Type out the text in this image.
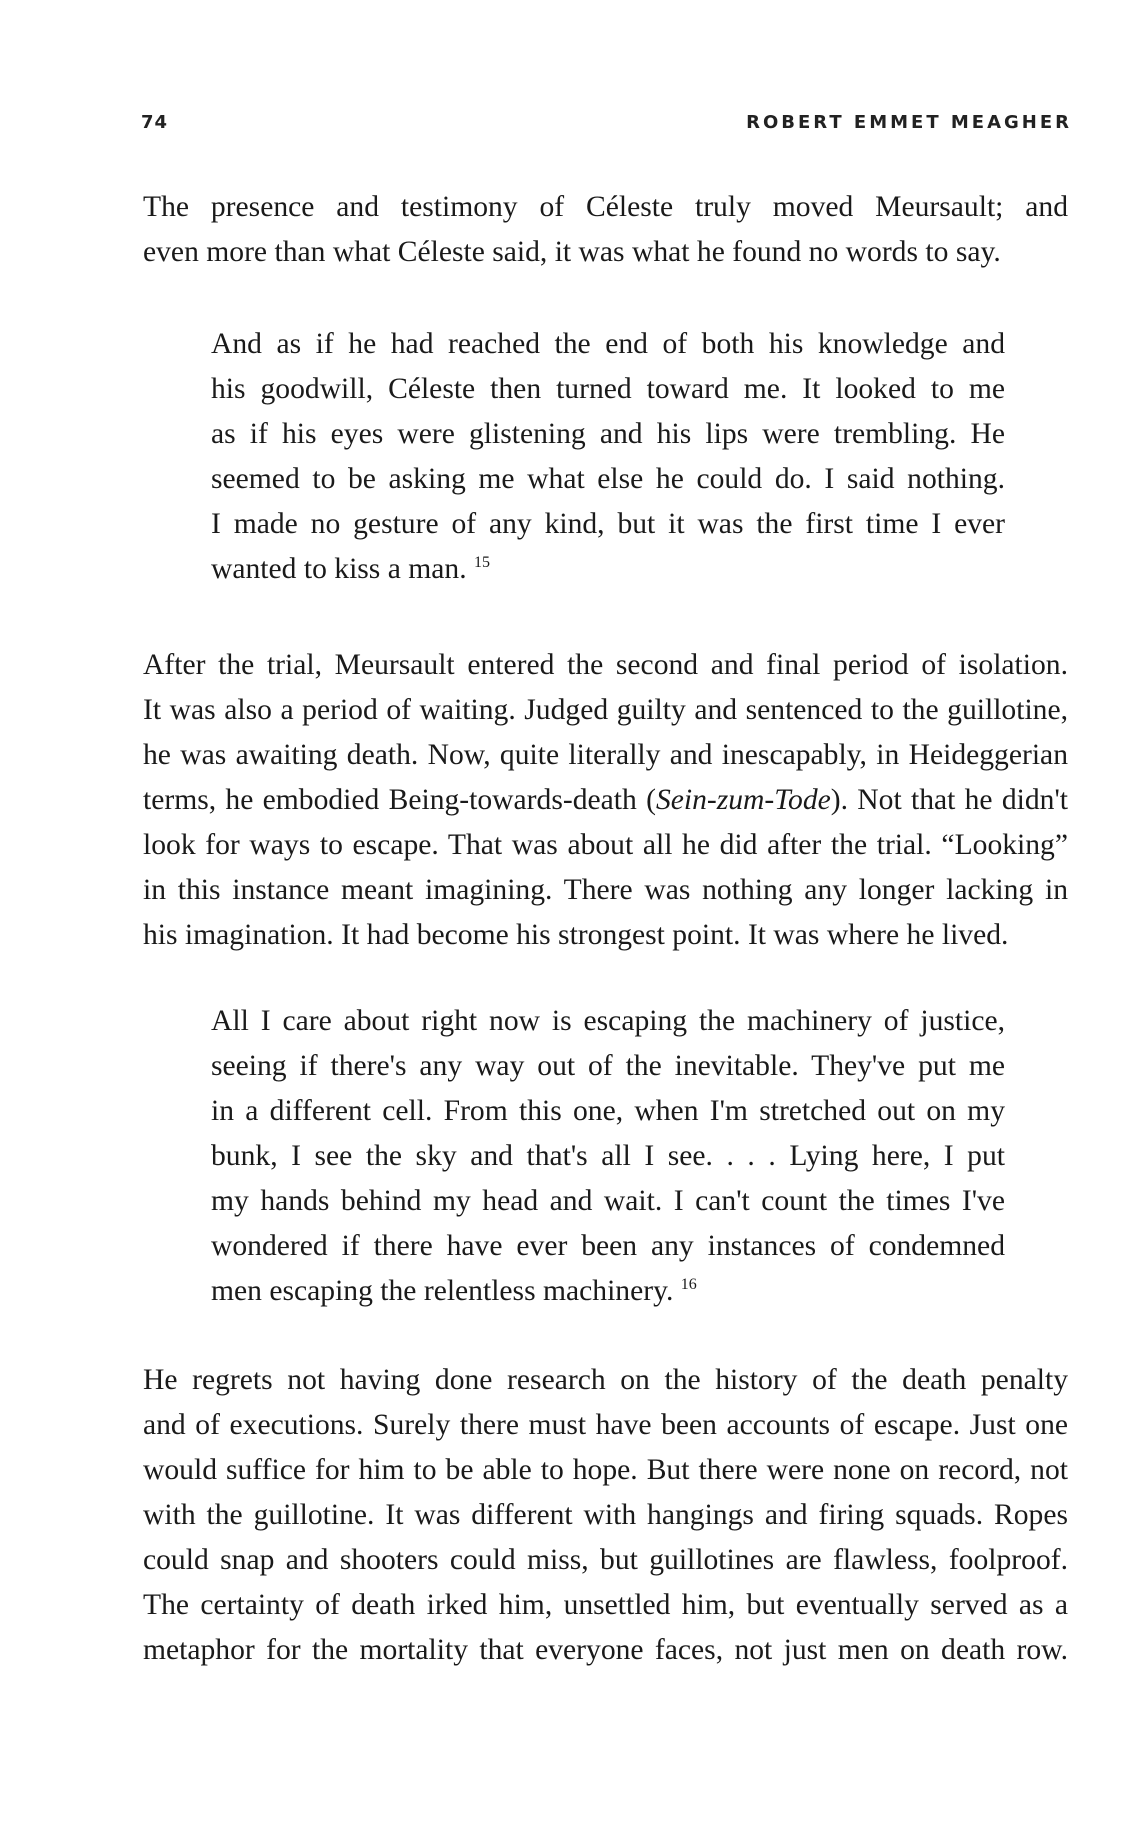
74	ROBERT EMMET MEAGHER
The presence and testimony of Céleste truly moved Meursault; and
even more than what Céleste said, it was what he found no words to say.
And as if he had reached the end of both his knowledge and
his goodwill, Céleste then turned toward me. It looked to me
as if his eyes were glistening and his lips were trembling. He
seemed to be asking me what else he could do. I said nothing.
I made no gesture of any kind, but it was the first time I ever
wanted to kiss a man. $^{15}$
After the trial, Meursault entered the second and final period of isolation.
It was also a period of waiting. Judged guilty and sentenced to the guillotine,
he was awaiting death. Now, quite literally and inescapably, in Heideggerian
terms, he embodied Being-towards-death (Sein-zum-Tode). Not that he didn't
look for ways to escape. That was about all he did after the trial. “Looking”
in this instance meant imagining. There was nothing any longer lacking in
his imagination. It had become his strongest point. It was where he lived.
All I care about right now is escaping the machinery of justice,
seeing if there's any way out of the inevitable. They've put me
in a different cell. From this one, when I'm stretched out on my
bunk, I see the sky and that's all I see. . . . Lying here, I put
my hands behind my head and wait. I can't count the times I've
wondered if there have ever been any instances of condemned
men escaping the relentless machinery. $^{16}$
He regrets not having done research on the history of the death penalty
and of executions. Surely there must have been accounts of escape. Just one
would suffice for him to be able to hope. But there were none on record, not
with the guillotine. It was different with hangings and firing squads. Ropes
could snap and shooters could miss, but guillotines are flawless, foolproof.
The certainty of death irked him, unsettled him, but eventually served as a
metaphor for the mortality that everyone faces, not just men on death row.
